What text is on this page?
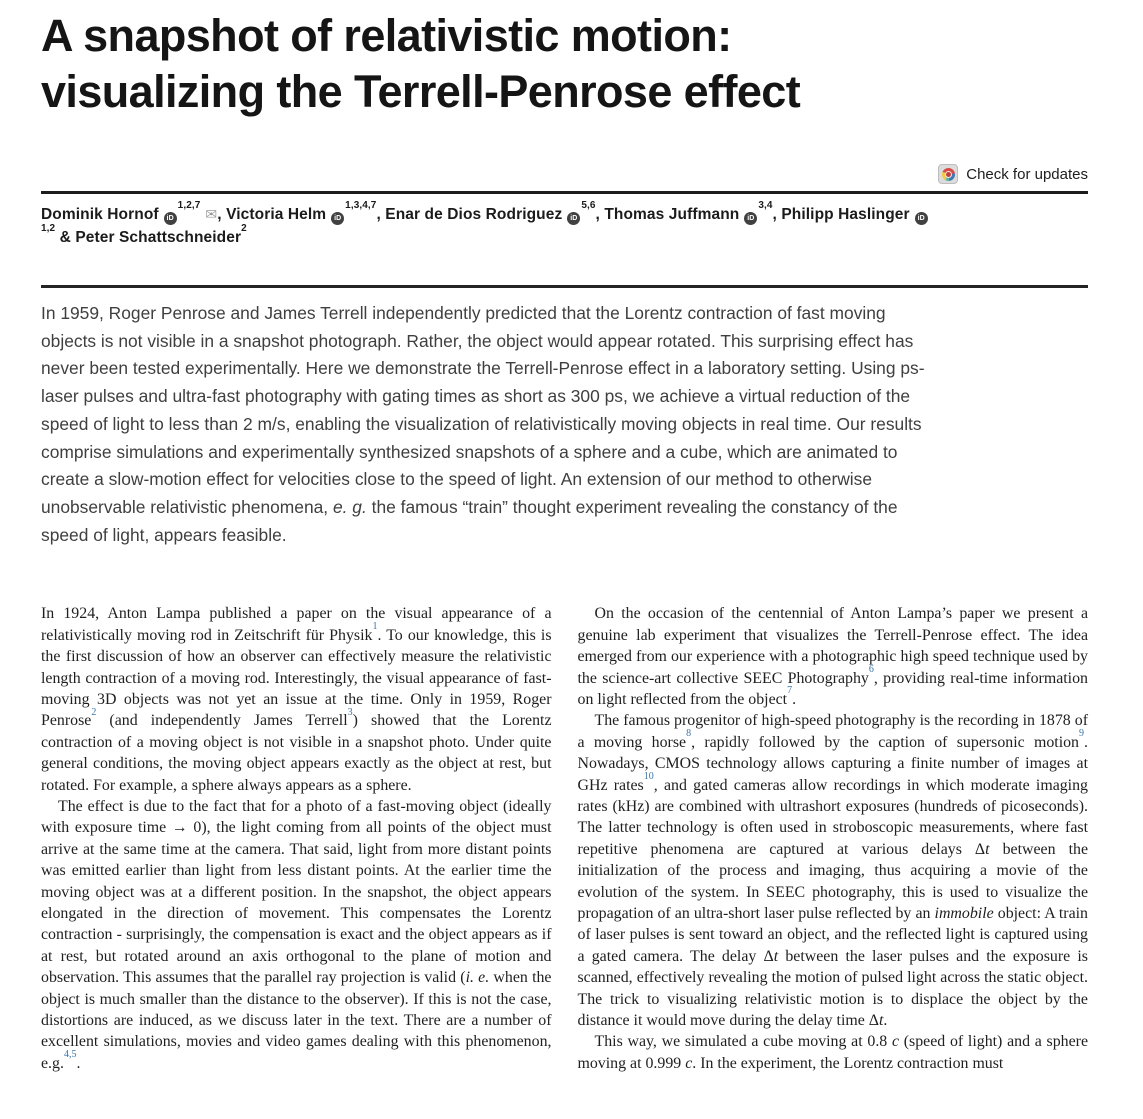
A snapshot of relativistic motion:
visualizing the Terrell-Penrose effect
Check for updates
Dominik Hornof iD$^{1,2,7}$✉, Victoria Helm iD$^{1,3,4,7}$, Enar de Dios Rodriguez iD$^{5,6}$, Thomas Juffmann iD$^{3,4}$, Philipp Haslinger iD$^{1,2}$ & Peter Schattschneider$^2$

In 1959, Roger Penrose and James Terrell independently predicted that the Lorentz contraction of fast moving objects is not visible in a snapshot photograph. Rather, the object would appear rotated. This surprising effect has never been tested experimentally. Here we demonstrate the Terrell-Penrose effect in a laboratory setting. Using ps-laser pulses and ultra-fast photography with gating times as short as 300 ps, we achieve a virtual reduction of the speed of light to less than 2 m/s, enabling the visualization of relativistically moving objects in real time. Our results comprise simulations and experimentally synthesized snapshots of a sphere and a cube, which are animated to create a slow-motion effect for velocities close to the speed of light. An extension of our method to otherwise unobservable relativistic phenomena, e. g. the famous “train” thought experiment revealing the constancy of the speed of light, appears feasible.

In 1924, Anton Lampa published a paper on the visual appearance of a relativistically moving rod in Zeitschrift für Physik$^1$. To our knowledge, this is the first discussion of how an observer can effectively measure the relativistic length contraction of a moving rod. Interestingly, the visual appearance of fast-moving 3D objects was not yet an issue at the time. Only in 1959, Roger Penrose$^2$ (and independently James Terrell$^3$) showed that the Lorentz contraction of a moving object is not visible in a snapshot photo. Under quite general conditions, the moving object appears exactly as the object at rest, but rotated. For example, a sphere always appears as a sphere.

The effect is due to the fact that for a photo of a fast-moving object (ideally with exposure time → 0), the light coming from all points of the object must arrive at the same time at the camera. That said, light from more distant points was emitted earlier than light from less distant points. At the earlier time the moving object was at a different position. In the snapshot, the object appears elongated in the direction of movement. This compensates the Lorentz contraction - surprisingly, the compensation is exact and the object appears as if at rest, but rotated around an axis orthogonal to the plane of motion and observation. This assumes that the parallel ray projection is valid (i. e. when the object is much smaller than the distance to the observer). If this is not the case, distortions are induced, as we discuss later in the text. There are a number of excellent simulations, movies and video games dealing with this phenomenon, e.g.$^{4,5}$.

On the occasion of the centennial of Anton Lampa’s paper we present a genuine lab experiment that visualizes the Terrell-Penrose effect. The idea emerged from our experience with a photographic high speed technique used by the science-art collective SEEC Photography$^6$, providing real-time information on light reflected from the object$^7$.

The famous progenitor of high-speed photography is the recording in 1878 of a moving horse$^8$, rapidly followed by the caption of supersonic motion$^9$. Nowadays, CMOS technology allows capturing a finite number of images at GHz rates$^{10}$, and gated cameras allow recordings in which moderate imaging rates (kHz) are combined with ultrashort exposures (hundreds of picoseconds). The latter technology is often used in stroboscopic measurements, where fast repetitive phenomena are captured at various delays Δt between the initialization of the process and imaging, thus acquiring a movie of the evolution of the system. In SEEC photography, this is used to visualize the propagation of an ultra-short laser pulse reflected by an immobile object: A train of laser pulses is sent toward an object, and the reflected light is captured using a gated camera. The delay Δt between the laser pulses and the exposure is scanned, effectively revealing the motion of pulsed light across the static object. The trick to visualizing relativistic motion is to displace the object by the distance it would move during the delay time Δt.

This way, we simulated a cube moving at 0.8 c (speed of light) and a sphere moving at 0.999 c. In the experiment, the Lorentz contraction must
